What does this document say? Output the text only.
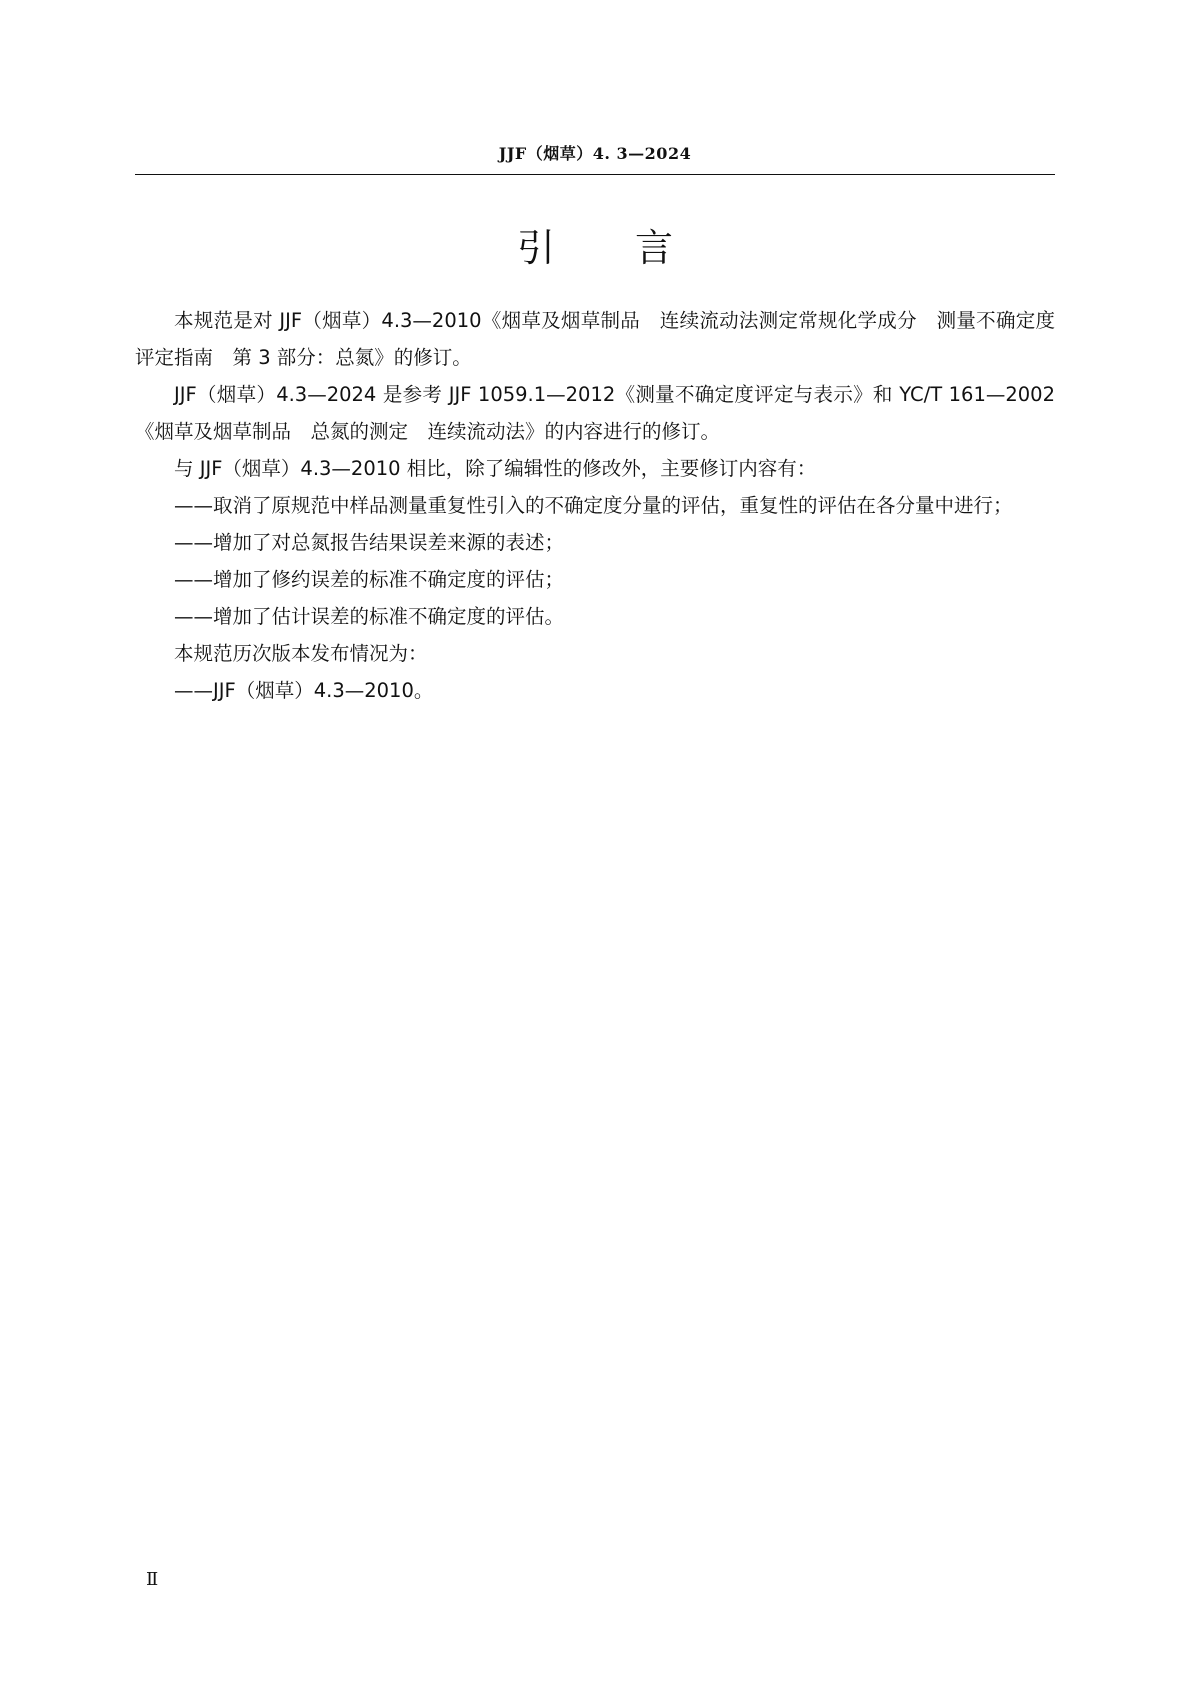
JJF（烟草）4. 3—2024
引言

本规范是对 JJF（烟草）4.3—2010《烟草及烟草制品　连续流动法测定常规化学成分　测量不确定度评定指南　第 3 部分：总氮》的修订。

JJF（烟草）4.3—2024 是参考 JJF 1059.1—2012《测量不确定度评定与表示》和 YC/T 161—2002《烟草及烟草制品　总氮的测定　连续流动法》的内容进行的修订。

与 JJF（烟草）4.3—2010 相比，除了编辑性的修改外，主要修订内容有：

——取消了原规范中样品测量重复性引入的不确定度分量的评估，重复性的评估在各分量中进行；

——增加了对总氮报告结果误差来源的表述；

——增加了修约误差的标准不确定度的评估；

——增加了估计误差的标准不确定度的评估。

本规范历次版本发布情况为：

——JJF（烟草）4.3—2010。

Ⅱ
